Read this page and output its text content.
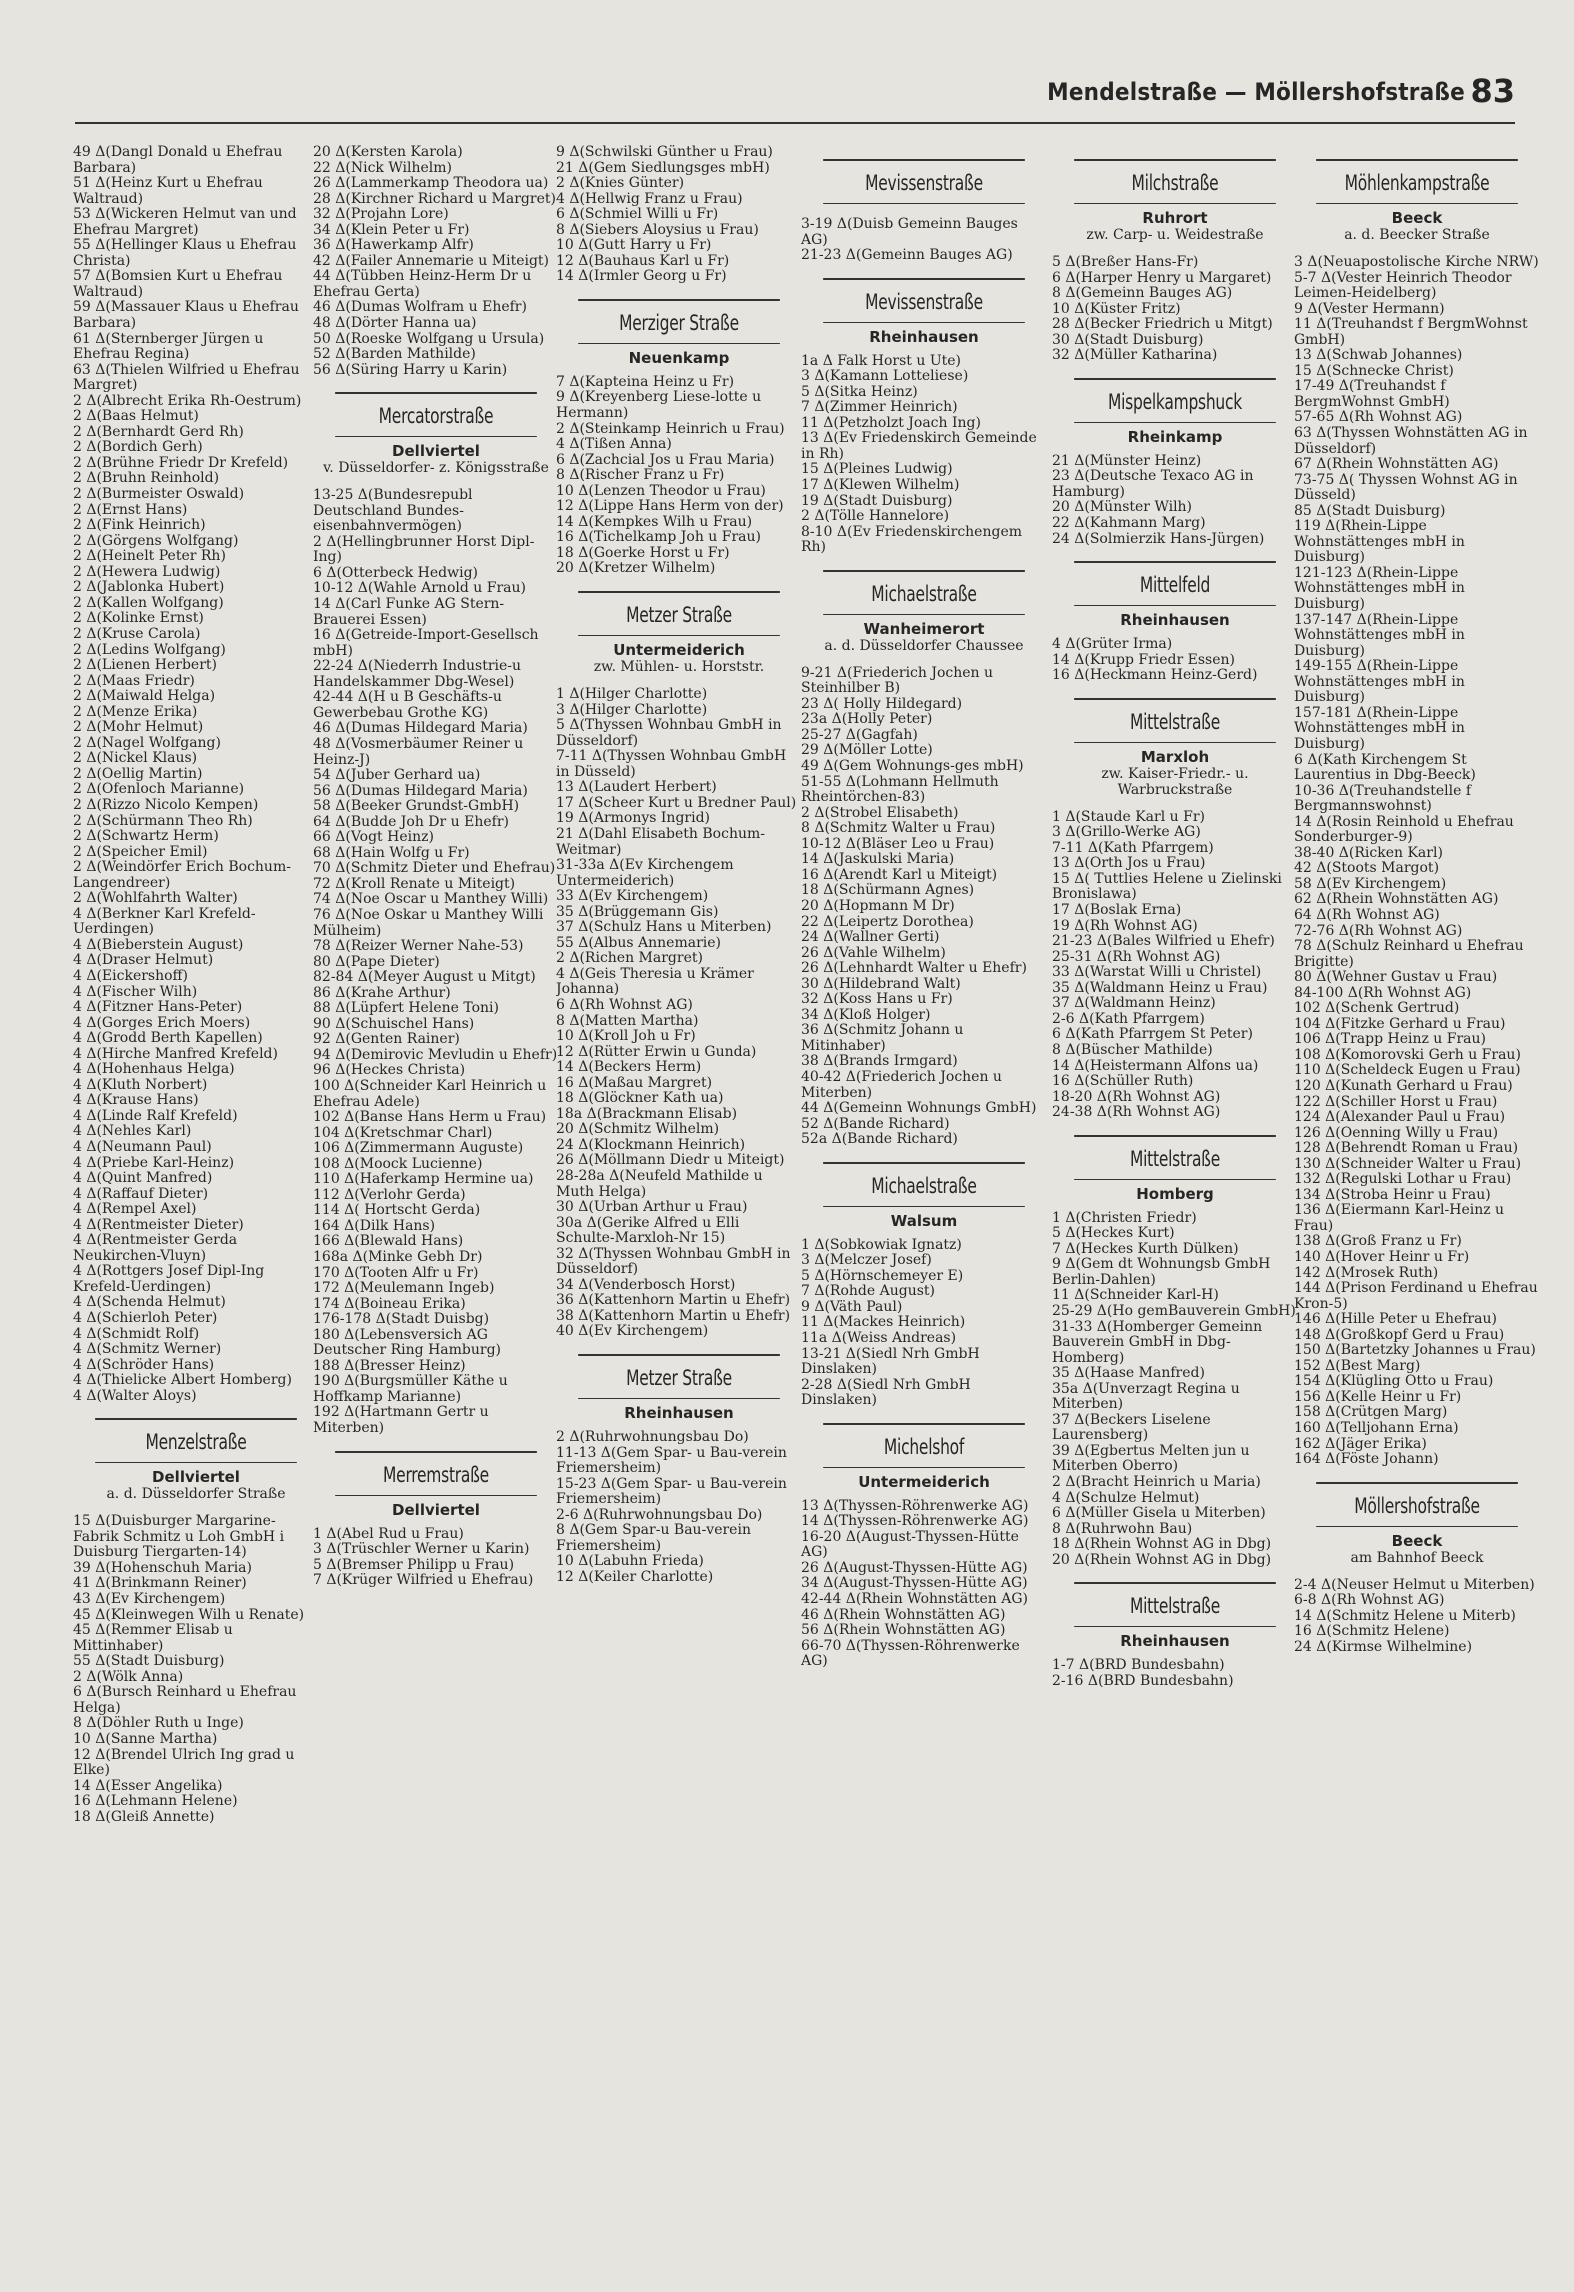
Mendelstraße — Möllershofstraße 83

49 Δ(Dangl Donald u Ehefrau Barbara)

51 Δ(Heinz Kurt u Ehefrau Waltraud)

53 Δ(Wickeren Helmut van und Ehefrau Margret)

55 Δ(Hellinger Klaus u Ehefrau Christa)

57 Δ(Bomsien Kurt u Ehefrau Waltraud)

59 Δ(Massauer Klaus u Ehefrau Barbara)

61 Δ(Sternberger Jürgen u Ehefrau Regina)

63 Δ(Thielen Wilfried u Ehefrau Margret)

2 Δ(Albrecht Erika Rh-Oestrum)

2 Δ(Baas Helmut)

2 Δ(Bernhardt Gerd Rh)

2 Δ(Bordich Gerh)

2 Δ(Brühne Friedr Dr Krefeld)

2 Δ(Bruhn Reinhold)

2 Δ(Burmeister Oswald)

2 Δ(Ernst Hans)

2 Δ(Fink Heinrich)

2 Δ(Görgens Wolfgang)

2 Δ(Heinelt Peter Rh)

2 Δ(Hewera Ludwig)

2 Δ(Jablonka Hubert)

2 Δ(Kallen Wolfgang)

2 Δ(Kolinke Ernst)

2 Δ(Kruse Carola)

2 Δ(Ledins Wolfgang)

2 Δ(Lienen Herbert)

2 Δ(Maas Friedr)

2 Δ(Maiwald Helga)

2 Δ(Menze Erika)

2 Δ(Mohr Helmut)

2 Δ(Nagel Wolfgang)

2 Δ(Nickel Klaus)

2 Δ(Oellig Martin)

2 Δ(Ofenloch Marianne)

2 Δ(Rizzo Nicolo Kempen)

2 Δ(Schürmann Theo Rh)

2 Δ(Schwartz Herm)

2 Δ(Speicher Emil)

2 Δ(Weindörfer Erich Bochum-Langendreer)

2 Δ(Wohlfahrth Walter)

4 Δ(Berkner Karl Krefeld-Uerdingen)

4 Δ(Bieberstein August)

4 Δ(Draser Helmut)

4 Δ(Eickershoff)

4 Δ(Fischer Wilh)

4 Δ(Fitzner Hans-Peter)

4 Δ(Gorges Erich Moers)

4 Δ(Grodd Berth Kapellen)

4 Δ(Hirche Manfred Krefeld)

4 Δ(Hohenhaus Helga)

4 Δ(Kluth Norbert)

4 Δ(Krause Hans)

4 Δ(Linde Ralf Krefeld)

4 Δ(Nehles Karl)

4 Δ(Neumann Paul)

4 Δ(Priebe Karl-Heinz)

4 Δ(Quint Manfred)

4 Δ(Raffauf Dieter)

4 Δ(Rempel Axel)

4 Δ(Rentmeister Dieter)

4 Δ(Rentmeister Gerda Neukirchen-Vluyn)

4 Δ(Rottgers Josef Dipl-Ing Krefeld-Uerdingen)

4 Δ(Schenda Helmut)

4 Δ(Schierloh Peter)

4 Δ(Schmidt Rolf)

4 Δ(Schmitz Werner)

4 Δ(Schröder Hans)

4 Δ(Thielicke Albert Homberg)

4 Δ(Walter Aloys)

Menzelstraße
Dellviertel
a. d. Düsseldorfer Straße

15 Δ(Duisburger Margarine-Fabrik Schmitz u Loh GmbH i Duisburg Tiergarten-14)

39 Δ(Hohenschuh Maria)

41 Δ(Brinkmann Reiner)

43 Δ(Ev Kirchengem)

45 Δ(Kleinwegen Wilh u Renate)

45 Δ(Remmer Elisab u Mittinhaber)

55 Δ(Stadt Duisburg)

2 Δ(Wölk Anna)

6 Δ(Bursch Reinhard u Ehefrau Helga)

8 Δ(Döhler Ruth u Inge)

10 Δ(Sanne Martha)

12 Δ(Brendel Ulrich Ing grad u Elke)

14 Δ(Esser Angelika)

16 Δ(Lehmann Helene)

18 Δ(Gleiß Annette)

20 Δ(Kersten Karola)

22 Δ(Nick Wilhelm)

26 Δ(Lammerkamp Theodora ua)

28 Δ(Kirchner Richard u Margret)

32 Δ(Projahn Lore)

34 Δ(Klein Peter u Fr)

36 Δ(Hawerkamp Alfr)

42 Δ(Failer Annemarie u Miteigt)

44 Δ(Tübben Heinz-Herm Dr u Ehefrau Gerta)

46 Δ(Dumas Wolfram u Ehefr)

48 Δ(Dörter Hanna ua)

50 Δ(Roeske Wolfgang u Ursula)

52 Δ(Barden Mathilde)

56 Δ(Süring Harry u Karin)

Mercatorstraße
Dellviertel
v. Düsseldorfer- z. Königsstraße

13-25 Δ(Bundesrepubl Deutschland Bundes-eisenbahnvermögen)

2 Δ(Hellingbrunner Horst Dipl-Ing)

6 Δ(Otterbeck Hedwig)

10-12 Δ(Wahle Arnold u Frau)

14 Δ(Carl Funke AG Stern-Brauerei Essen)

16 Δ(Getreide-Import-Gesellsch mbH)

22-24 Δ(Niederrh Industrie-u Handelskammer Dbg-Wesel)

42-44 Δ(H u B Geschäfts-u Gewerbebau Grothe KG)

46 Δ(Dumas Hildegard Maria)

48 Δ(Vosmerbäumer Reiner u Heinz-J)

54 Δ(Juber Gerhard ua)

56 Δ(Dumas Hildegard Maria)

58 Δ(Beeker Grundst-GmbH)

64 Δ(Budde Joh Dr u Ehefr)

66 Δ(Vogt Heinz)

68 Δ(Hain Wolfg u Fr)

70 Δ(Schmitz Dieter und Ehefrau)

72 Δ(Kroll Renate u Miteigt)

74 Δ(Noe Oscar u Manthey Willi)

76 Δ(Noe Oskar u Manthey Willi Mülheim)

78 Δ(Reizer Werner Nahe-53)

80 Δ(Pape Dieter)

82-84 Δ(Meyer August u Mitgt)

86 Δ(Krahe Arthur)

88 Δ(Lüpfert Helene Toni)

90 Δ(Schuischel Hans)

92 Δ(Genten Rainer)

94 Δ(Demirovic Mevludin u Ehefr)

96 Δ(Heckes Christa)

100 Δ(Schneider Karl Heinrich u Ehefrau Adele)

102 Δ(Banse Hans Herm u Frau)

104 Δ(Kretschmar Charl)

106 Δ(Zimmermann Auguste)

108 Δ(Moock Lucienne)

110 Δ(Haferkamp Hermine ua)

112 Δ(Verlohr Gerda)

114 Δ( Hortscht Gerda)

164 Δ(Dilk Hans)

166 Δ(Blewald Hans)

168a Δ(Minke Gebh Dr)

170 Δ(Tooten Alfr u Fr)

172 Δ(Meulemann Ingeb)

174 Δ(Boineau Erika)

176-178 Δ(Stadt Duisbg)

180 Δ(Lebensversich AG Deutscher Ring Hamburg)

188 Δ(Bresser Heinz)

190 Δ(Burgsmüller Käthe u Hoffkamp Marianne)

192 Δ(Hartmann Gertr u Miterben)

Merremstraße
Dellviertel

1 Δ(Abel Rud u Frau)

3 Δ(Trüschler Werner u Karin)

5 Δ(Bremser Philipp u Frau)

7 Δ(Krüger Wilfried u Ehefrau)

9 Δ(Schwilski Günther u Frau)

21 Δ(Gem Siedlungsges mbH)

2 Δ(Knies Günter)

4 Δ(Hellwig Franz u Frau)

6 Δ(Schmiel Willi u Fr)

8 Δ(Siebers Aloysius u Frau)

10 Δ(Gutt Harry u Fr)

12 Δ(Bauhaus Karl u Fr)

14 Δ(Irmler Georg u Fr)

Merziger Straße
Neuenkamp

7 Δ(Kapteina Heinz u Fr)

9 Δ(Kreyenberg Liese-lotte u Hermann)

2 Δ(Steinkamp Heinrich u Frau)

4 Δ(Tißen Anna)

6 Δ(Zachcial Jos u Frau Maria)

8 Δ(Rischer Franz u Fr)

10 Δ(Lenzen Theodor u Frau)

12 Δ(Lippe Hans Herm von der)

14 Δ(Kempkes Wilh u Frau)

16 Δ(Tichelkamp Joh u Frau)

18 Δ(Goerke Horst u Fr)

20 Δ(Kretzer Wilhelm)

Metzer Straße
Untermeiderich
zw. Mühlen- u. Horststr.

1 Δ(Hilger Charlotte)

3 Δ(Hilger Charlotte)

5 Δ(Thyssen Wohnbau GmbH in Düsseldorf)

7-11 Δ(Thyssen Wohnbau GmbH in Düsseld)

13 Δ(Laudert Herbert)

17 Δ(Scheer Kurt u Bredner Paul)

19 Δ(Armonys Ingrid)

21 Δ(Dahl Elisabeth Bochum-Weitmar)

31-33a Δ(Ev Kirchengem Untermeiderich)

33 Δ(Ev Kirchengem)

35 Δ(Brüggemann Gis)

37 Δ(Schulz Hans u Miterben)

55 Δ(Albus Annemarie)

2 Δ(Richen Margret)

4 Δ(Geis Theresia u Krämer Johanna)

6 Δ(Rh Wohnst AG)

8 Δ(Matten Martha)

10 Δ(Kroll Joh u Fr)

12 Δ(Rütter Erwin u Gunda)

14 Δ(Beckers Herm)

16 Δ(Maßau Margret)

18 Δ(Glöckner Kath ua)

18a Δ(Brackmann Elisab)

20 Δ(Schmitz Wilhelm)

24 Δ(Klockmann Heinrich)

26 Δ(Möllmann Diedr u Miteigt)

28-28a Δ(Neufeld Mathilde u Muth Helga)

30 Δ(Urban Arthur u Frau)

30a Δ(Gerike Alfred u Elli Schulte-Marxloh-Nr 15)

32 Δ(Thyssen Wohnbau GmbH in Düsseldorf)

34 Δ(Venderbosch Horst)

36 Δ(Kattenhorn Martin u Ehefr)

38 Δ(Kattenhorn Martin u Ehefr)

40 Δ(Ev Kirchengem)

Metzer Straße
Rheinhausen

2 Δ(Ruhrwohnungsbau Do)

11-13 Δ(Gem Spar- u Bau-verein Friemersheim)

15-23 Δ(Gem Spar- u Bau-verein Friemersheim)

2-6 Δ(Ruhrwohnungsbau Do)

8 Δ(Gem Spar-u Bau-verein Friemersheim)

10 Δ(Labuhn Frieda)

12 Δ(Keiler Charlotte)

Mevissenstraße

3-19 Δ(Duisb Gemeinn Bauges AG)

21-23 Δ(Gemeinn Bauges AG)

Mevissenstraße
Rheinhausen

1a Δ Falk Horst u Ute)

3 Δ(Kamann Lotteliese)

5 Δ(Sitka Heinz)

7 Δ(Zimmer Heinrich)

11 Δ(Petzholzt Joach Ing)

13 Δ(Ev Friedenskirch Gemeinde in Rh)

15 Δ(Pleines Ludwig)

17 Δ(Klewen Wilhelm)

19 Δ(Stadt Duisburg)

2 Δ(Tölle Hannelore)

8-10 Δ(Ev Friedenskirchengem Rh)

Michaelstraße
Wanheimerort
a. d. Düsseldorfer Chaussee

9-21 Δ(Friederich Jochen u Steinhilber B)

23 Δ( Holly Hildegard)

23a Δ(Holly Peter)

25-27 Δ(Gagfah)

29 Δ(Möller Lotte)

49 Δ(Gem Wohnungs-ges mbH)

51-55 Δ(Lohmann Hellmuth Rheintörchen-83)

2 Δ(Strobel Elisabeth)

8 Δ(Schmitz Walter u Frau)

10-12 Δ(Bläser Leo u Frau)

14 Δ(Jaskulski Maria)

16 Δ(Arendt Karl u Miteigt)

18 Δ(Schürmann Agnes)

20 Δ(Hopmann M Dr)

22 Δ(Leipertz Dorothea)

24 Δ(Wallner Gerti)

26 Δ(Vahle Wilhelm)

26 Δ(Lehnhardt Walter u Ehefr)

30 Δ(Hildebrand Walt)

32 Δ(Koss Hans u Fr)

34 Δ(Kloß Holger)

36 Δ(Schmitz Johann u Mitinhaber)

38 Δ(Brands Irmgard)

40-42 Δ(Friederich Jochen u Miterben)

44 Δ(Gemeinn Wohnungs GmbH)

52 Δ(Bande Richard)

52a Δ(Bande Richard)

Michaelstraße
Walsum

1 Δ(Sobkowiak Ignatz)

3 Δ(Melczer Josef)

5 Δ(Hörnschemeyer E)

7 Δ(Rohde August)

9 Δ(Väth Paul)

11 Δ(Mackes Heinrich)

11a Δ(Weiss Andreas)

13-21 Δ(Siedl Nrh GmbH Dinslaken)

2-28 Δ(Siedl Nrh GmbH Dinslaken)

Michelshof
Untermeiderich

13 Δ(Thyssen-Röhrenwerke AG)

14 Δ(Thyssen-Röhrenwerke AG)

16-20 Δ(August-Thyssen-Hütte AG)

26 Δ(August-Thyssen-Hütte AG)

34 Δ(August-Thyssen-Hütte AG)

42-44 Δ(Rhein Wohnstätten AG)

46 Δ(Rhein Wohnstätten AG)

56 Δ(Rhein Wohnstätten AG)

66-70 Δ(Thyssen-Röhrenwerke AG)

Milchstraße
Ruhrort
zw. Carp- u. Weidestraße

5 Δ(Breßer Hans-Fr)

6 Δ(Harper Henry u Margaret)

8 Δ(Gemeinn Bauges AG)

10 Δ(Küster Fritz)

28 Δ(Becker Friedrich u Mitgt)

30 Δ(Stadt Duisburg)

32 Δ(Müller Katharina)

Mispelkampshuck
Rheinkamp

21 Δ(Münster Heinz)

23 Δ(Deutsche Texaco AG in Hamburg)

20 Δ(Münster Wilh)

22 Δ(Kahmann Marg)

24 Δ(Solmierzik Hans-Jürgen)

Mittelfeld
Rheinhausen

4 Δ(Grüter Irma)

14 Δ(Krupp Friedr Essen)

16 Δ(Heckmann Heinz-Gerd)

Mittelstraße
Marxloh
zw. Kaiser-Friedr.- u. Warbruckstraße

1 Δ(Staude Karl u Fr)

3 Δ(Grillo-Werke AG)

7-11 Δ(Kath Pfarrgem)

13 Δ(Orth Jos u Frau)

15 Δ( Tuttlies Helene u Zielinski Bronislawa)

17 Δ(Boslak Erna)

19 Δ(Rh Wohnst AG)

21-23 Δ(Bales Wilfried u Ehefr)

25-31 Δ(Rh Wohnst AG)

33 Δ(Warstat Willi u Christel)

35 Δ(Waldmann Heinz u Frau)

37 Δ(Waldmann Heinz)

2-6 Δ(Kath Pfarrgem)

6 Δ(Kath Pfarrgem St Peter)

8 Δ(Büscher Mathilde)

14 Δ(Heistermann Alfons ua)

16 Δ(Schüller Ruth)

18-20 Δ(Rh Wohnst AG)

24-38 Δ(Rh Wohnst AG)

Mittelstraße
Homberg

1 Δ(Christen Friedr)

5 Δ(Heckes Kurt)

7 Δ(Heckes Kurth Dülken)

9 Δ(Gem dt Wohnungsb GmbH Berlin-Dahlen)

11 Δ(Schneider Karl-H)

25-29 Δ(Ho gemBauverein GmbH)

31-33 Δ(Homberger Gemeinn Bauverein GmbH in Dbg-Homberg)

35 Δ(Haase Manfred)

35a Δ(Unverzagt Regina u Miterben)

37 Δ(Beckers Liselene Laurensberg)

39 Δ(Egbertus Melten jun u Miterben Oberro)

2 Δ(Bracht Heinrich u Maria)

4 Δ(Schulze Helmut)

6 Δ(Müller Gisela u Miterben)

8 Δ(Ruhrwohn Bau)

18 Δ(Rhein Wohnst AG in Dbg)

20 Δ(Rhein Wohnst AG in Dbg)

Mittelstraße
Rheinhausen

1-7 Δ(BRD Bundesbahn)

2-16 Δ(BRD Bundesbahn)

Möhlenkampstraße
Beeck
a. d. Beecker Straße

3 Δ(Neuapostolische Kirche NRW)

5-7 Δ(Vester Heinrich Theodor Leimen-Heidelberg)

9 Δ(Vester Hermann)

11 Δ(Treuhandst f BergmWohnst GmbH)

13 Δ(Schwab Johannes)

15 Δ(Schnecke Christ)

17-49 Δ(Treuhandst f BergmWohnst GmbH)

57-65 Δ(Rh Wohnst AG)

63 Δ(Thyssen Wohnstätten AG in Düsseldorf)

67 Δ(Rhein Wohnstätten AG)

73-75 Δ( Thyssen Wohnst AG in Düsseld)

85 Δ(Stadt Duisburg)

119 Δ(Rhein-Lippe Wohnstättenges mbH in Duisburg)

121-123 Δ(Rhein-Lippe Wohnstättenges mbH in Duisburg)

137-147 Δ(Rhein-Lippe Wohnstättenges mbH in Duisburg)

149-155 Δ(Rhein-Lippe Wohnstättenges mbH in Duisburg)

157-181 Δ(Rhein-Lippe Wohnstättenges mbH in Duisburg)

6 Δ(Kath Kirchengem St Laurentius in Dbg-Beeck)

10-36 Δ(Treuhandstelle f Bergmannswohnst)

14 Δ(Rosin Reinhold u Ehefrau Sonderburger-9)

38-40 Δ(Ricken Karl)

42 Δ(Stoots Margot)

58 Δ(Ev Kirchengem)

62 Δ(Rhein Wohnstätten AG)

64 Δ(Rh Wohnst AG)

72-76 Δ(Rh Wohnst AG)

78 Δ(Schulz Reinhard u Ehefrau Brigitte)

80 Δ(Wehner Gustav u Frau)

84-100 Δ(Rh Wohnst AG)

102 Δ(Schenk Gertrud)

104 Δ(Fitzke Gerhard u Frau)

106 Δ(Trapp Heinz u Frau)

108 Δ(Komorovski Gerh u Frau)

110 Δ(Scheldeck Eugen u Frau)

120 Δ(Kunath Gerhard u Frau)

122 Δ(Schiller Horst u Frau)

124 Δ(Alexander Paul u Frau)

126 Δ(Oenning Willy u Frau)

128 Δ(Behrendt Roman u Frau)

130 Δ(Schneider Walter u Frau)

132 Δ(Regulski Lothar u Frau)

134 Δ(Stroba Heinr u Frau)

136 Δ(Eiermann Karl-Heinz u Frau)

138 Δ(Groß Franz u Fr)

140 Δ(Hover Heinr u Fr)

142 Δ(Mrosek Ruth)

144 Δ(Prison Ferdinand u Ehefrau Kron-5)

146 Δ(Hille Peter u Ehefrau)

148 Δ(Großkopf Gerd u Frau)

150 Δ(Bartetzky Johannes u Frau)

152 Δ(Best Marg)

154 Δ(Klügling Otto u Frau)

156 Δ(Kelle Heinr u Fr)

158 Δ(Crütgen Marg)

160 Δ(Telljohann Erna)

162 Δ(Jäger Erika)

164 Δ(Föste Johann)

Möllershofstraße
Beeck
am Bahnhof Beeck

2-4 Δ(Neuser Helmut u Miterben)

6-8 Δ(Rh Wohnst AG)

14 Δ(Schmitz Helene u Miterb)

16 Δ(Schmitz Helene)

24 Δ(Kirmse Wilhelmine)
